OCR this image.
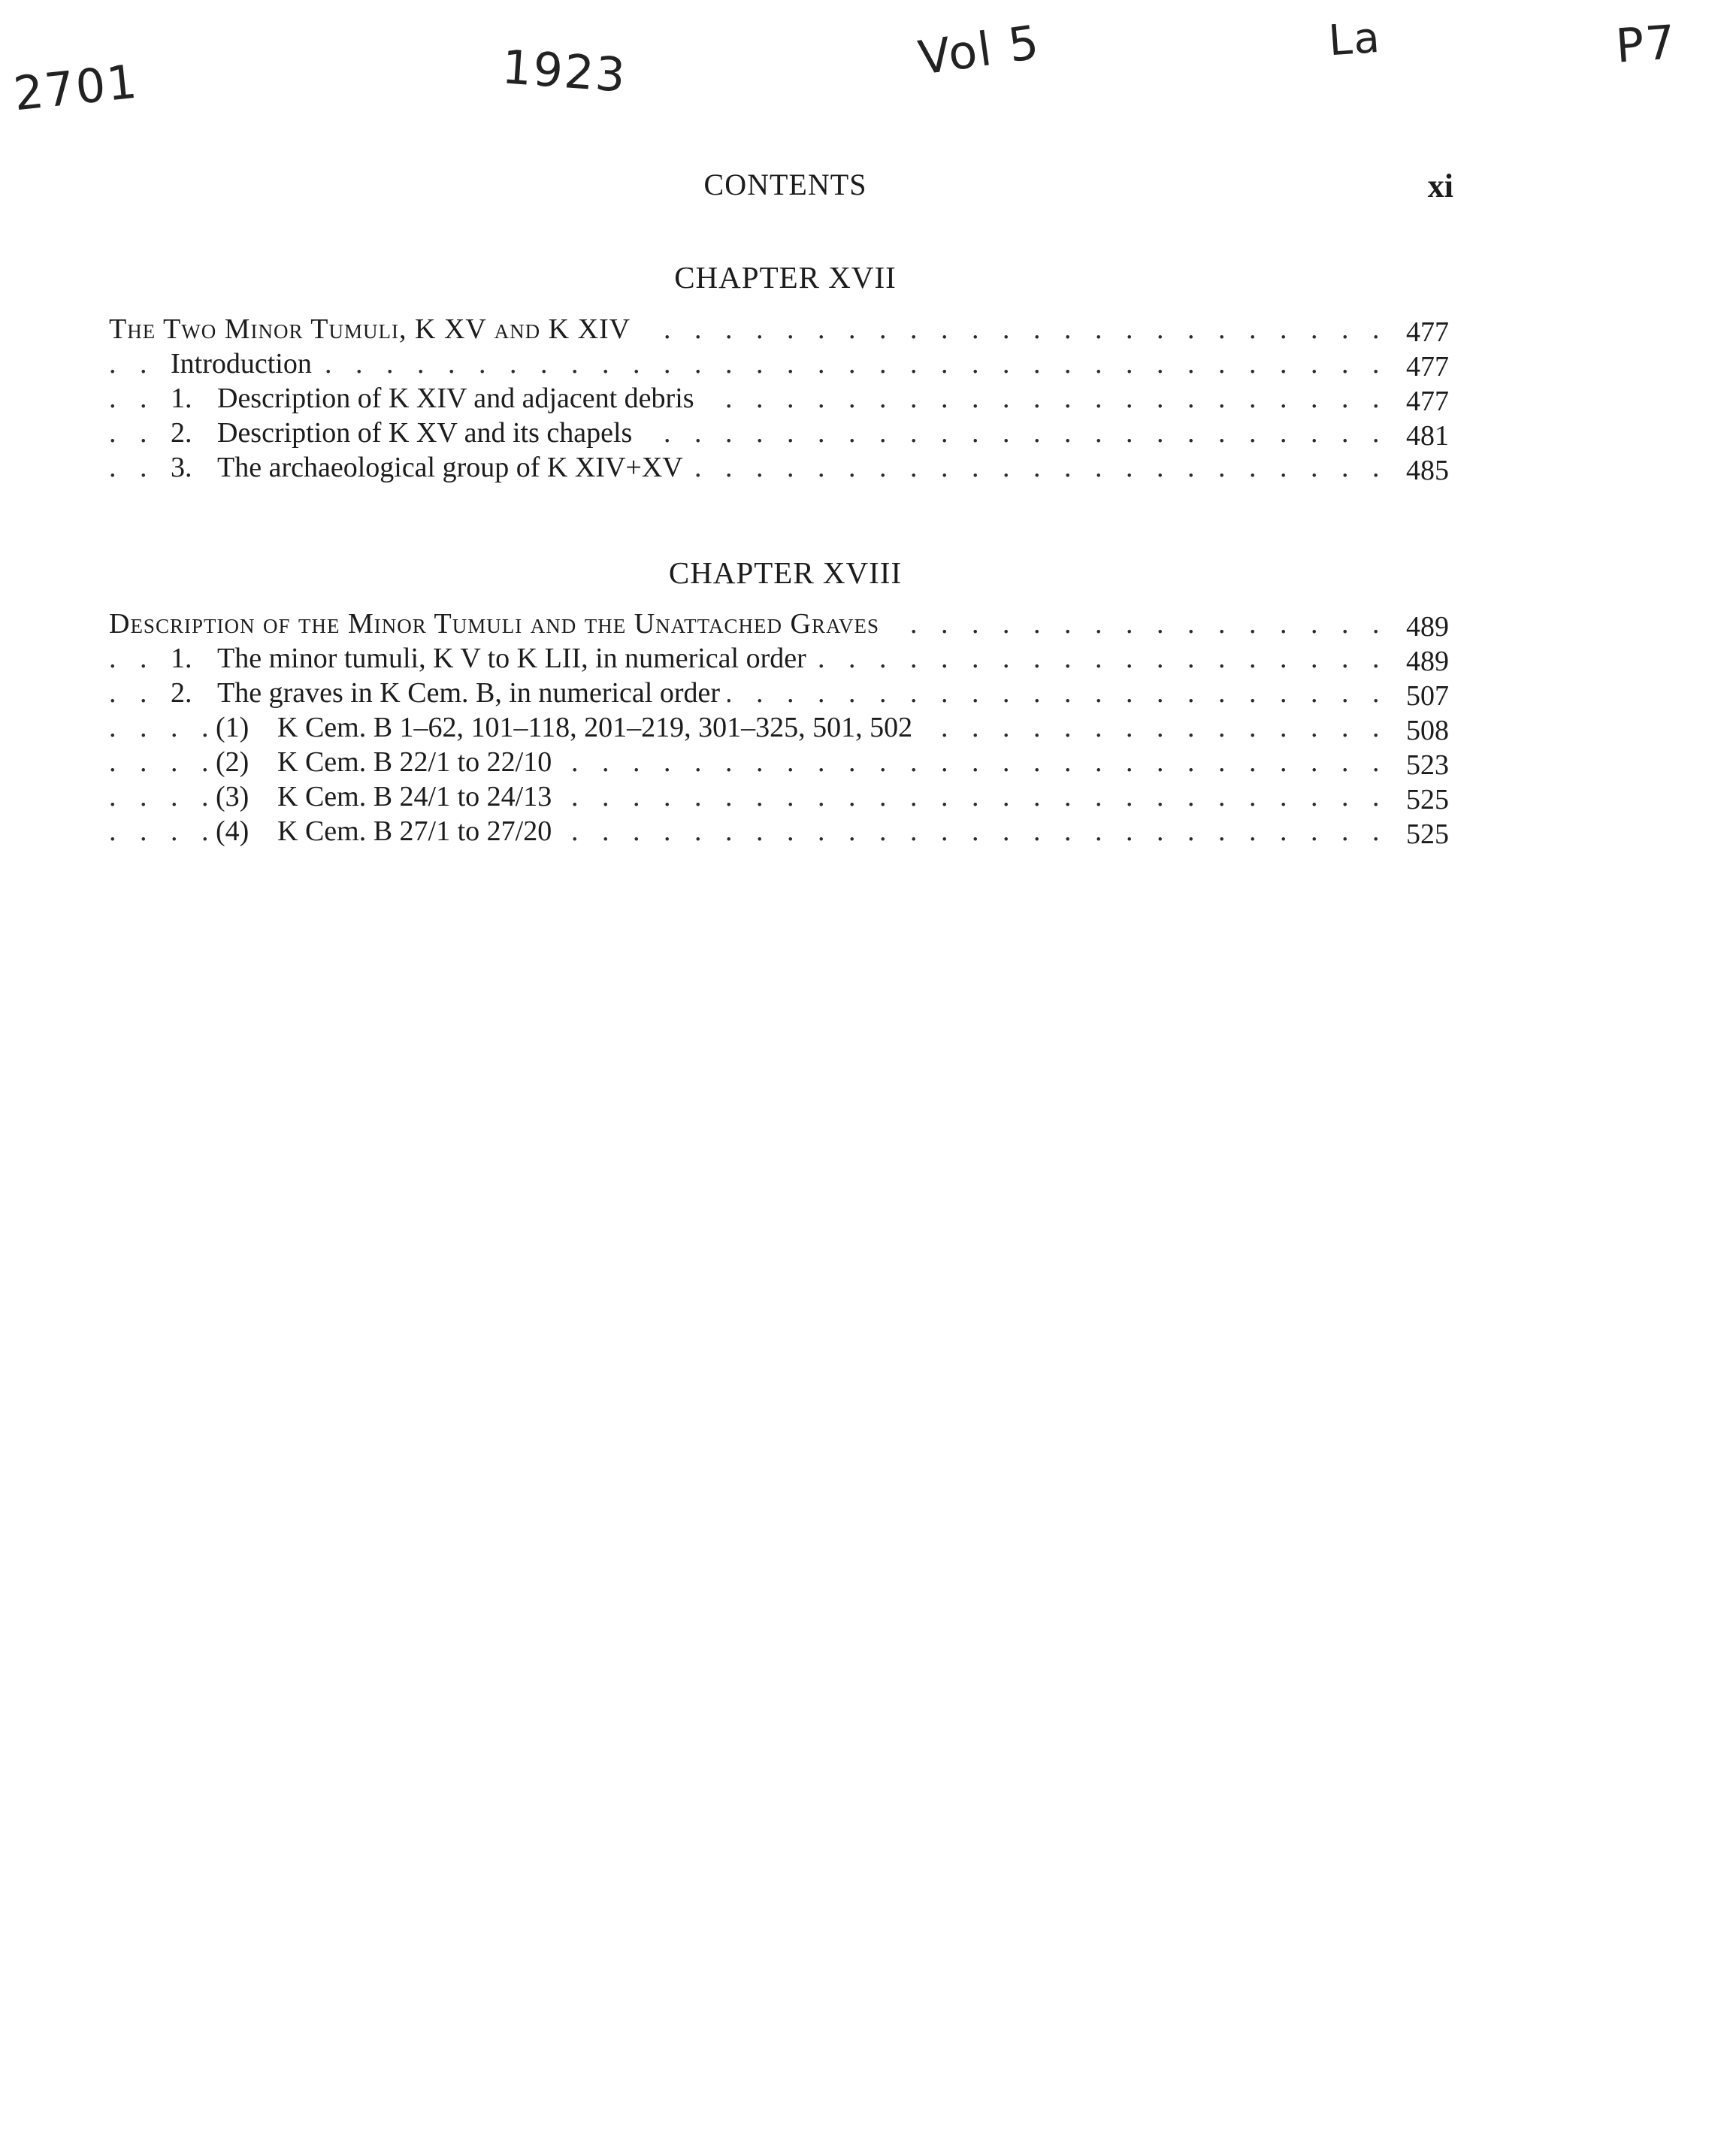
2701	1923	Vol 5	La	P7
CONTENTS	xi
CHAPTER XVII
. . .
The Two Minor Tumuli, K XV and K XIV	477
. . .
Introduction	477
. . .
1. Description of K XIV and adjacent debris	477
. . .
2. Description of K XV and its chapels	481
. . .
3. The archaeological group of K XIV+XV	485
CHAPTER XVIII
. . .
Description of the Minor Tumuli and the Unattached Graves	489
. . .
1. The minor tumuli, K V to K LII, in numerical order	489
. . .
2. The graves in K Cem. B, in numerical order	507
. . .
(1) K Cem. B 1–62, 101–118, 201–219, 301–325, 501, 502	508
. . .
(2) K Cem. B 22/1 to 22/10	523
. . .
(3) K Cem. B 24/1 to 24/13	525
. . .
(4) K Cem. B 27/1 to 27/20	525
